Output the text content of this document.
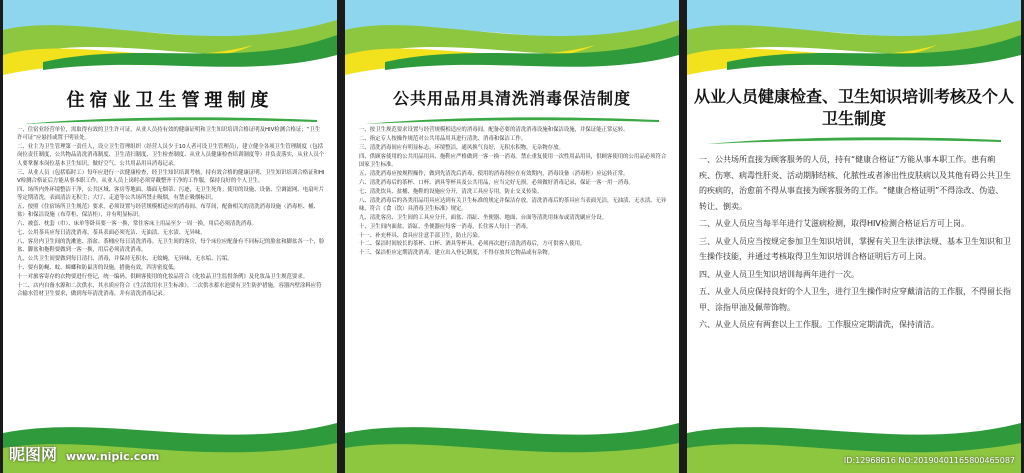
住宿业卫生管理制度
一、住宿业经营单位，需取得有效的卫生许可证，从业人员持有效的健康证明和卫生知识培训合格证明及HIV检测合格证；“卫生许可证”应悬挂或置于明显处。
二、业主为卫生管理第一责任人，设立卫生管理组织（经营人员少于10人者可设卫生管理员），建立健全各项卫生管理制度（包括岗位责任制度，公共物品清洗消毒制度、卫生清扫制度、卫生检查制度、从业人员健康检查培训制度等）并负责落实，从业人员个人要掌握本岗位基本卫生知识，做好空气、公共用品用具消毒记录。
三、从业人员（包括临时工）每年应进行一次健康检查，经卫生知识培训考核，持有效合格的健康证明、卫生知识培训合格证和HIV检测合格证后方能从事本职工作。从业人员上岗时必须穿戴整齐干净的工作服，保持良好的个人卫生。
四、场所内外环境整洁干净，公共区域、客房等地面、墙面无烟蒂、污迹，无卫生死角；使用的设施、设备、空调滤网、电扇叶片等定期清洗，表面清洁无积尘；大厅、走道等公共场所禁止吸烟，有禁止吸烟标识。
五、按照《住宿场所卫生规范》要求，必须设置与经营规模相适应的消毒间、布草间，配备相关的清洗消毒设施（消毒柜、桶、盆）和保洁设施（布草柜、保洁柜），并有明显标识。
六、被套、枕套（巾）、床单等卧具要一客一换，常住客床上用品至少一周一换，用后必须清洗消毒。
七、公用茶具应每日清洗消毒，茶具表面必须光洁、无油渍、无水渍、无异味。
八、客房内卫生间的洗漱池、浴盆、茶桶应每日清洗消毒。无卫生间的客房，每个床位应配备有不同标记的脸盆和脚盆各一个，脸盆、脚盆和拖鞋要做到一客一换，用后必须清洗消毒。
九、公共卫生间要做到每日清扫、消毒，并保持无积水、无蚊蝇，无异味，无水垢、污垢。
十、要有防蝇、蚊、蟑螂和防鼠害的设施，措施有效，四害密度低。
十一对旅客寄存的衣物要进行登记，统一编码。供顾客使用的化妆品符合《化妆品卫生监督条例》及化妆品卫生规范要求。
十二、店内自备水源和二次供水，其水质应符合《生活饮用水卫生标准》。二次供水蓄水池要有卫生防护措施，容器内壁涂料应符合输水管材卫生要求，做到每年清洗消毒，并有清洗消毒记录。
昵图网 www.nipic.com
公共用品用具清洗消毒保洁制度
一、按卫生规范要求设置与经营规模相适应的消毒间，配备必要的清洗消毒设施和保洁设施，并保证能正常运转。
二、指定专人按操作规范对公共用品用具进行清洗、消毒和保洁工作。
三、清洗消毒间应有明显标志，环境整洁，通风换气良好，无积水积物，无杂物存放。
四、供顾客使用的公共用品用具、拖鞋应严格做到一客一换一消毒。禁止重复使用一次性用品用具，供顾客使用的公用品必须符合国家卫生标准。
五、清洗消毒应按规程操作，做到先清洗后消毒，使用的消毒剂应在有效期内，消毒设备（消毒柜）应运转正常。
六、清洗消毒后的茶杯、口杯、酒具等杯具及公共用品，应当完好无损，必须做好消毒记录，保证一客一用一消毒。
七、清洗饮具、盆桶、拖鞋的设施应分开，清洗工具应专用，防止交叉传染。
八、清洗消毒后的各类用品用具应达到有关卫生标准的规定并保洁存放。清洗消毒后的茶具应当表面光洁，无油渍、无水渍、无异味，符合《食（饮）具消毒卫生标准》规定。
九、清洗客房、卫生间的工具应分开，面盆、浴缸、坐便器、地面、台面等清洗用抹布或清洗刷应分设。
十、卫生间内面盆、浴缸、坐便器应每客一消毒，长住客人每日一消毒。
十一、补充杯具、食具应注意手部卫生，防止污染。
十二、保洁时间较长的茶杯、口杯、酒具等杯具，必须再次进行清洗消毒后，方可供客人使用。
十三、保洁柜应定期清洗消毒，建立出入登记制度，不得存放其它物品或有杂物。
从业人员健康检查、卫生知识培训考核及个人卫生制度
一、公共场所直接为顾客服务的人员，持有“健康合格证”方能从事本职工作。患有痢疾、伤寒、病毒性肝炎、活动期肺结核、化脓性或者渗出性皮肤病以及其他有碍公共卫生的疾病的，治愈前不得从事直接为顾客服务的工作。“健康合格证明”不得涂改、伪造、转让、倒卖。
二、从业人员应当每半年进行艾滋病检测，取得HIV检测合格证后方可上岗。
三、从业人员应当按规定参加卫生知识培训，掌握有关卫生法律法规、基本卫生知识和卫生操作技能，并通过考核取得卫生知识培训合格证明后方可上岗。
四、从业人员卫生知识培训每两年进行一次。
五、从业人员应保持良好的个人卫生，进行卫生操作时应穿戴清洁的工作服，不得留长指甲、涂指甲油及佩带饰物。
六、从业人员应有两套以上工作服。工作服应定期清洗，保持清洁。
ID:12968616 NO:20190401165800465087
